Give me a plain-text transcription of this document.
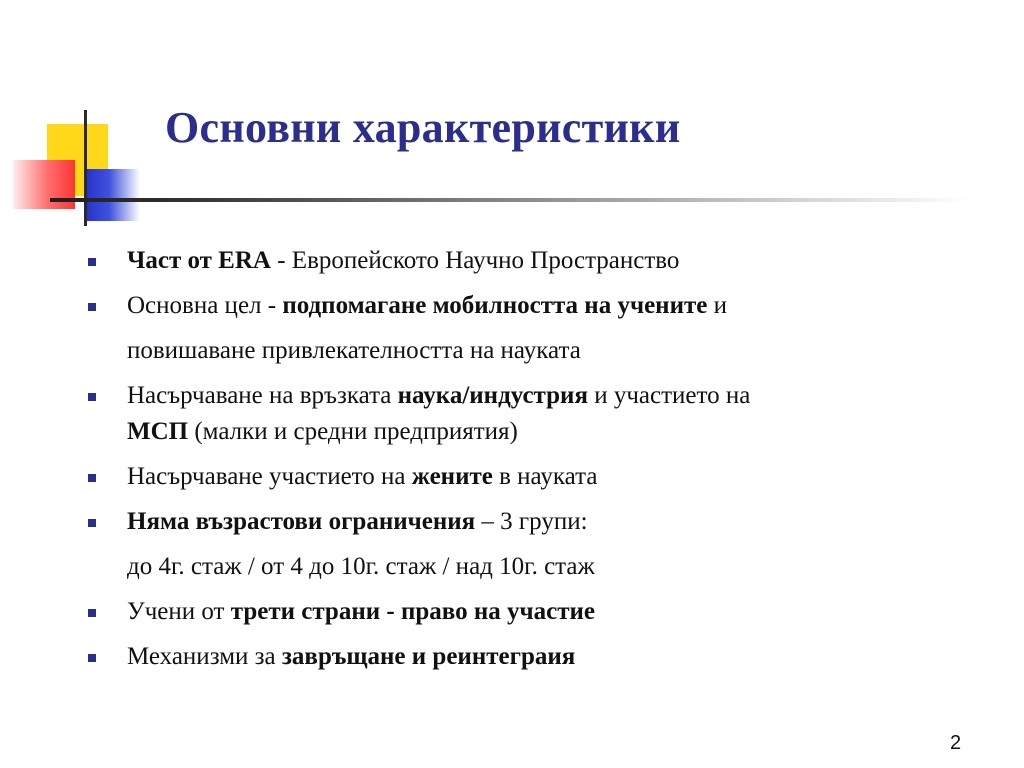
Основни характеристики
Част от ERA - Европейското Научно Пространство
Основна цел - подпомагане мобилността на учените и
повишаване привлекателността на науката
Насърчаване на връзката наука/индустрия и участието на
МСП (малки и средни предприятия)
Насърчаване участието на жените в науката
Няма възрастови ограничения – 3 групи:
до 4г. стаж / от 4 до 10г. стаж / над 10г. стаж
Учени от трети страни - право на участие
Механизми за завръщане и реинтеграия
2
